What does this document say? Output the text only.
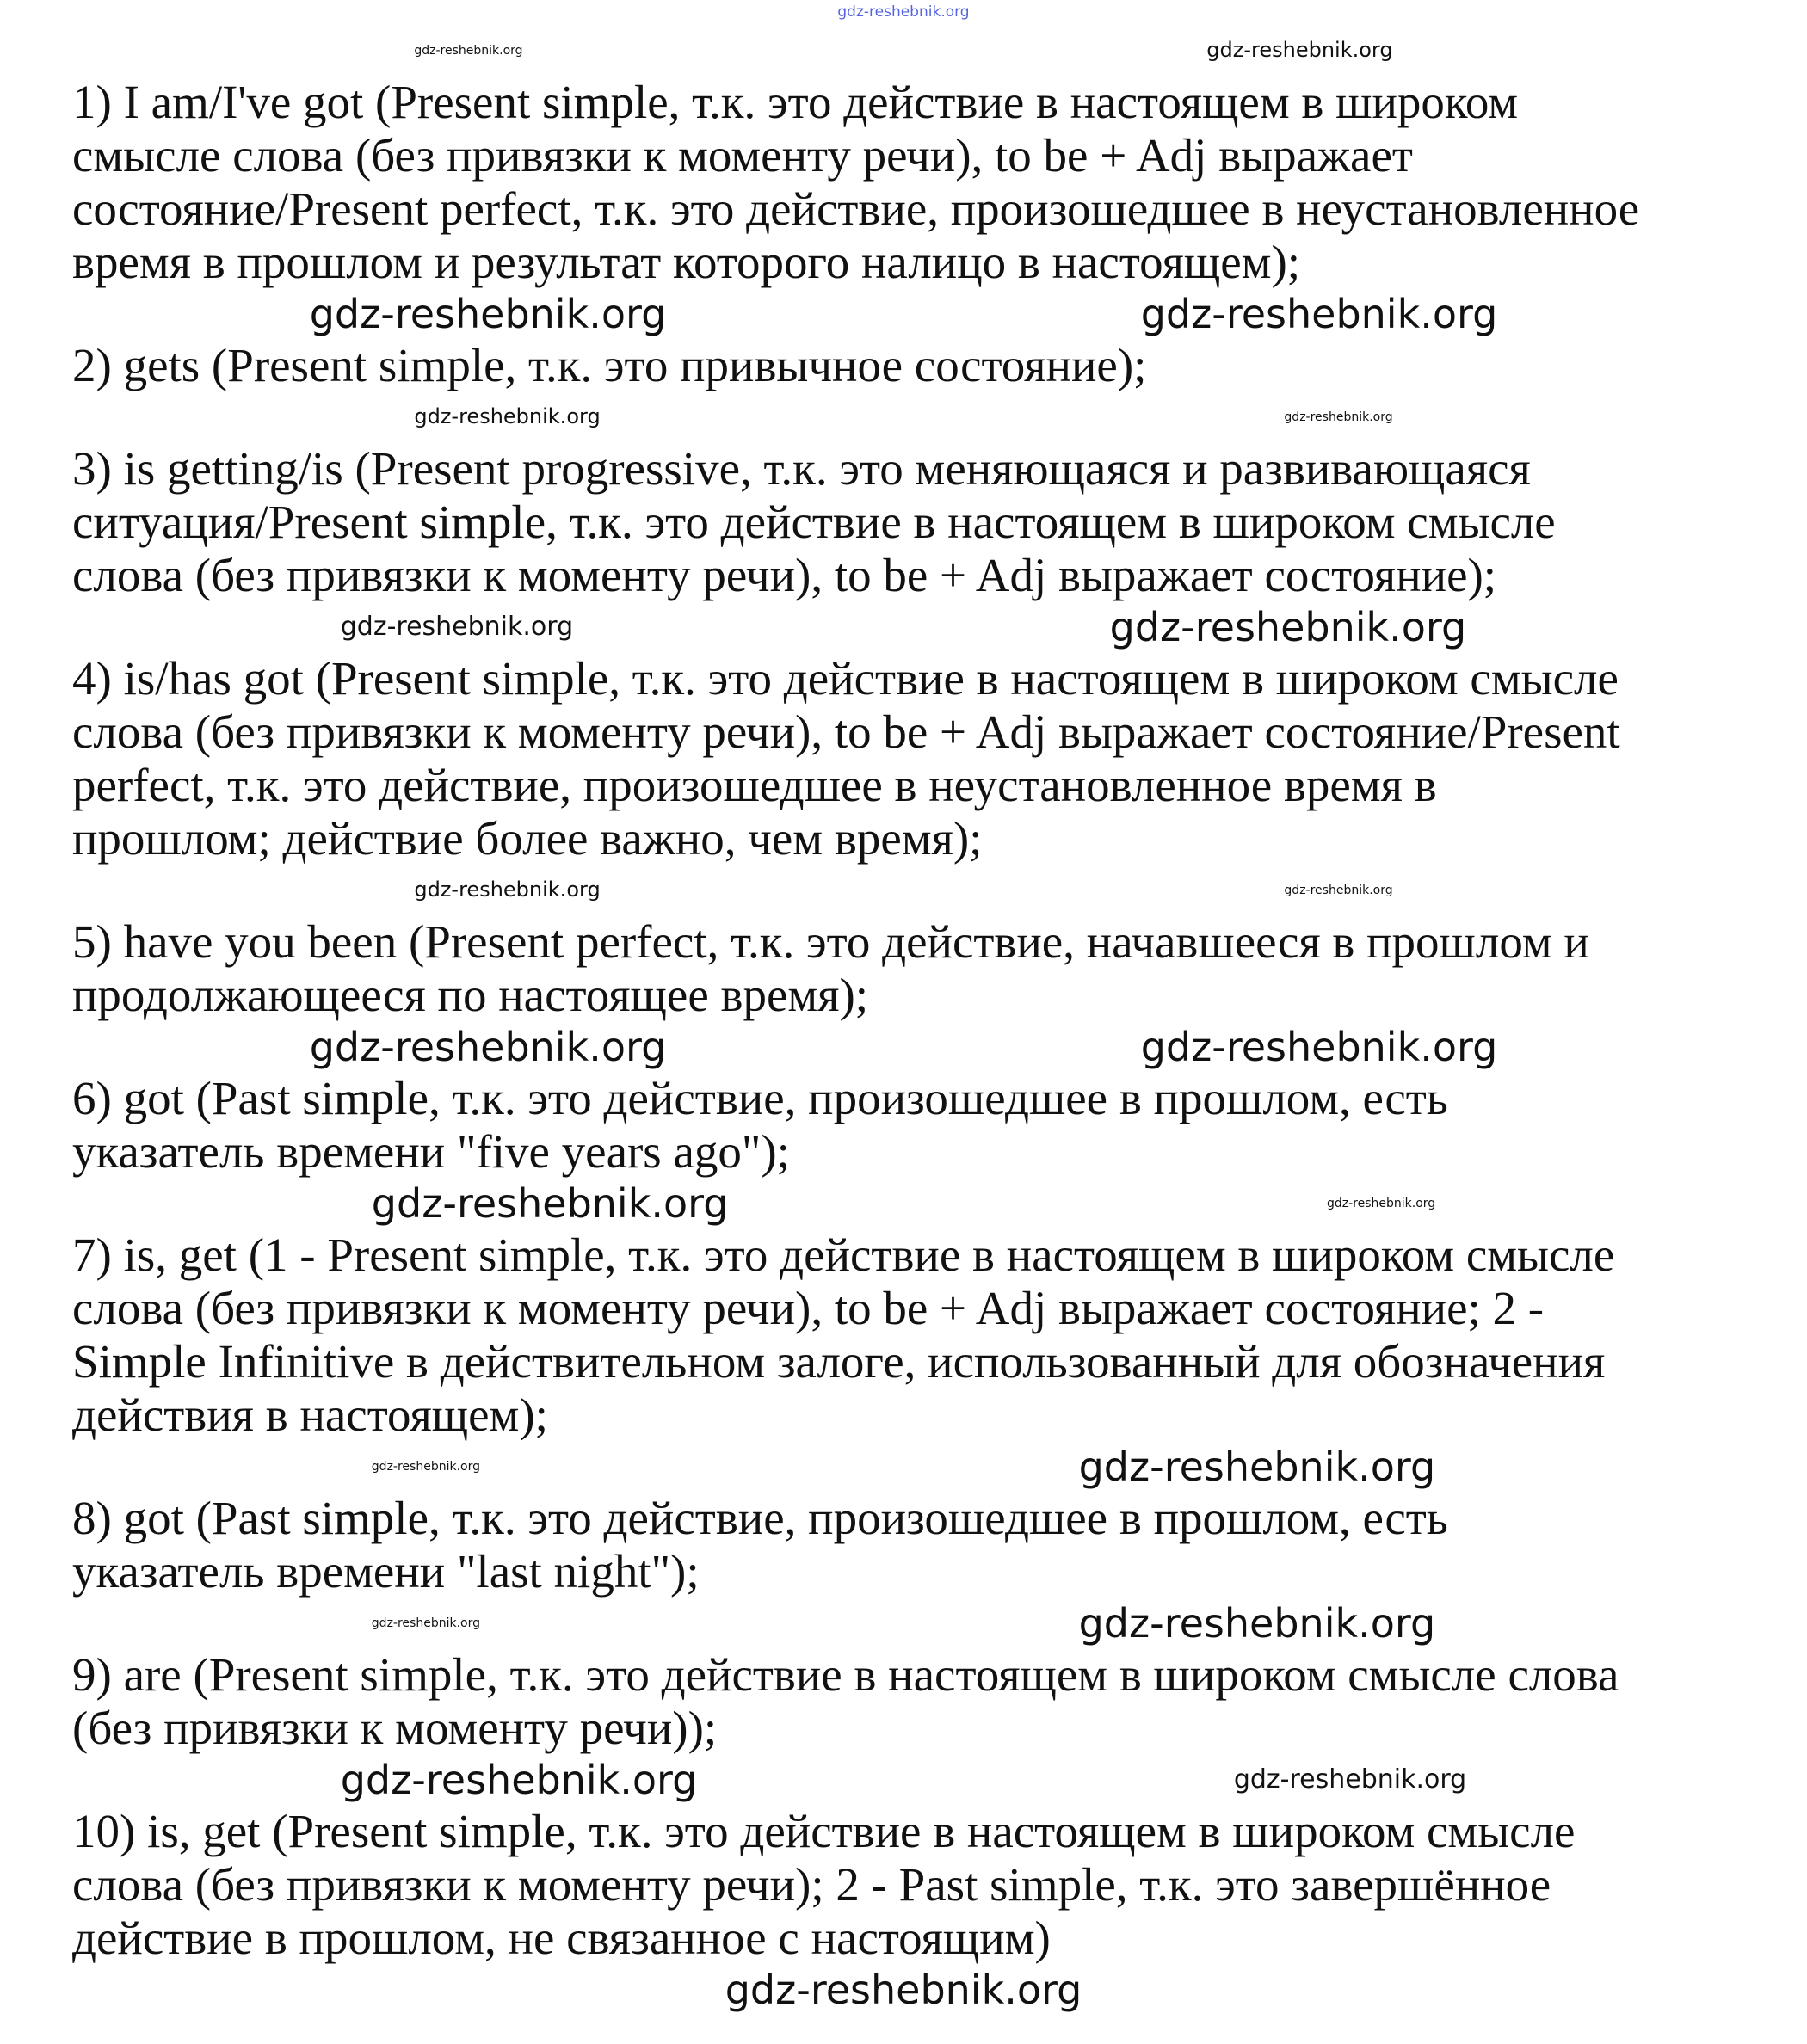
gdz-reshebnik.org
gdz-reshebnik.org	gdz-reshebnik.org
1) I am/I've got (Present simple, т.к. это действие в настоящем в широком
смысле слова (без привязки к моменту речи), to be + Adj выражает
состояние/Present perfect, т.к. это действие, произошедшее в неустановленное
время в прошлом и результат которого налицо в настоящем);
gdz-reshebnik.org	gdz-reshebnik.org
2) gets (Present simple, т.к. это привычное состояние);
gdz-reshebnik.org	gdz-reshebnik.org
3) is getting/is (Present progressive, т.к. это меняющаяся и развивающаяся
ситуация/Present simple, т.к. это действие в настоящем в широком смысле
слова (без привязки к моменту речи), to be + Adj выражает состояние);
gdz-reshebnik.org	gdz-reshebnik.org
4) is/has got (Present simple, т.к. это действие в настоящем в широком смысле
слова (без привязки к моменту речи), to be + Adj выражает состояние/Present
perfect, т.к. это действие, произошедшее в неустановленное время в
прошлом; действие более важно, чем время);
gdz-reshebnik.org	gdz-reshebnik.org
5) have you been (Present perfect, т.к. это действие, начавшееся в прошлом и
продолжающееся по настоящее время);
gdz-reshebnik.org	gdz-reshebnik.org
6) got (Past simple, т.к. это действие, произошедшее в прошлом, есть
указатель времени "five years ago");
gdz-reshebnik.org	gdz-reshebnik.org
7) is, get (1 - Present simple, т.к. это действие в настоящем в широком смысле
слова (без привязки к моменту речи), to be + Adj выражает состояние; 2 -
Simple Infinitive в действительном залоге, использованный для обозначения
действия в настоящем);
gdz-reshebnik.org	gdz-reshebnik.org
8) got (Past simple, т.к. это действие, произошедшее в прошлом, есть
указатель времени "last night");
gdz-reshebnik.org	gdz-reshebnik.org
9) are (Present simple, т.к. это действие в настоящем в широком смысле слова
(без привязки к моменту речи));
gdz-reshebnik.org	gdz-reshebnik.org
10) is, get (Present simple, т.к. это действие в настоящем в широком смысле
слова (без привязки к моменту речи); 2 - Past simple, т.к. это завершённое
действие в прошлом, не связанное с настоящим)
gdz-reshebnik.org
